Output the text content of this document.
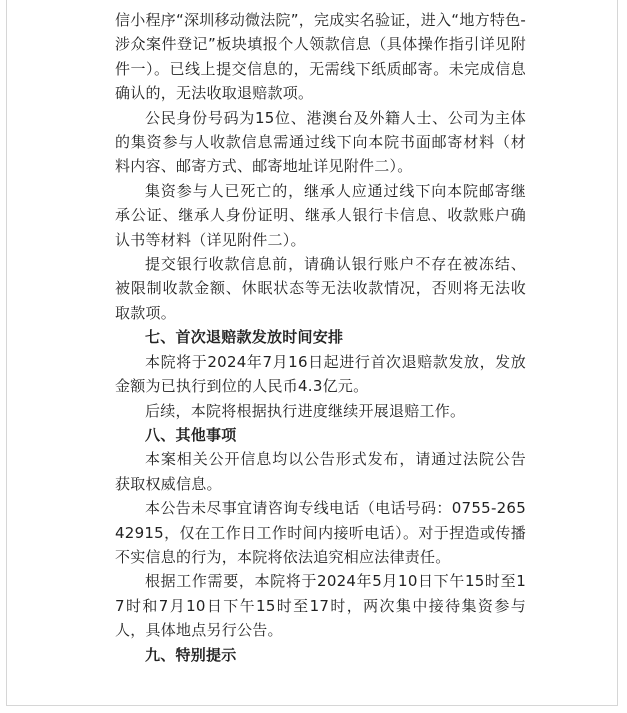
信小程序“深圳移动微法院”，完成实名验证，进入“地方特色-涉众案件登记”板块填报个人领款信息（具体操作指引详见附件一）。已线上提交信息的，无需线下纸质邮寄。未完成信息确认的，无法收取退赔款项。

公民身份号码为15位、港澳台及外籍人士、公司为主体的集资参与人收款信息需通过线下向本院书面邮寄材料（材料内容、邮寄方式、邮寄地址详见附件二）。

集资参与人已死亡的，继承人应通过线下向本院邮寄继承公证、继承人身份证明、继承人银行卡信息、收款账户确认书等材料（详见附件二）。

提交银行收款信息前，请确认银行账户不存在被冻结、被限制收款金额、休眠状态等无法收款情况，否则将无法收取款项。

七、首次退赔款发放时间安排

本院将于2024年7月16日起进行首次退赔款发放，发放金额为已执行到位的人民币4.3亿元。

后续，本院将根据执行进度继续开展退赔工作。

八、其他事项

本案相关公开信息均以公告形式发布，请通过法院公告获取权威信息。

本公告未尽事宜请咨询专线电话（电话号码：0755-26542915，仅在工作日工作时间内接听电话）。对于捏造或传播不实信息的行为，本院将依法追究相应法律责任。

根据工作需要，本院将于2024年5月10日下午15时至17时和7月10日下午15时至17时，两次集中接待集资参与人，具体地点另行公告。

九、特别提示
